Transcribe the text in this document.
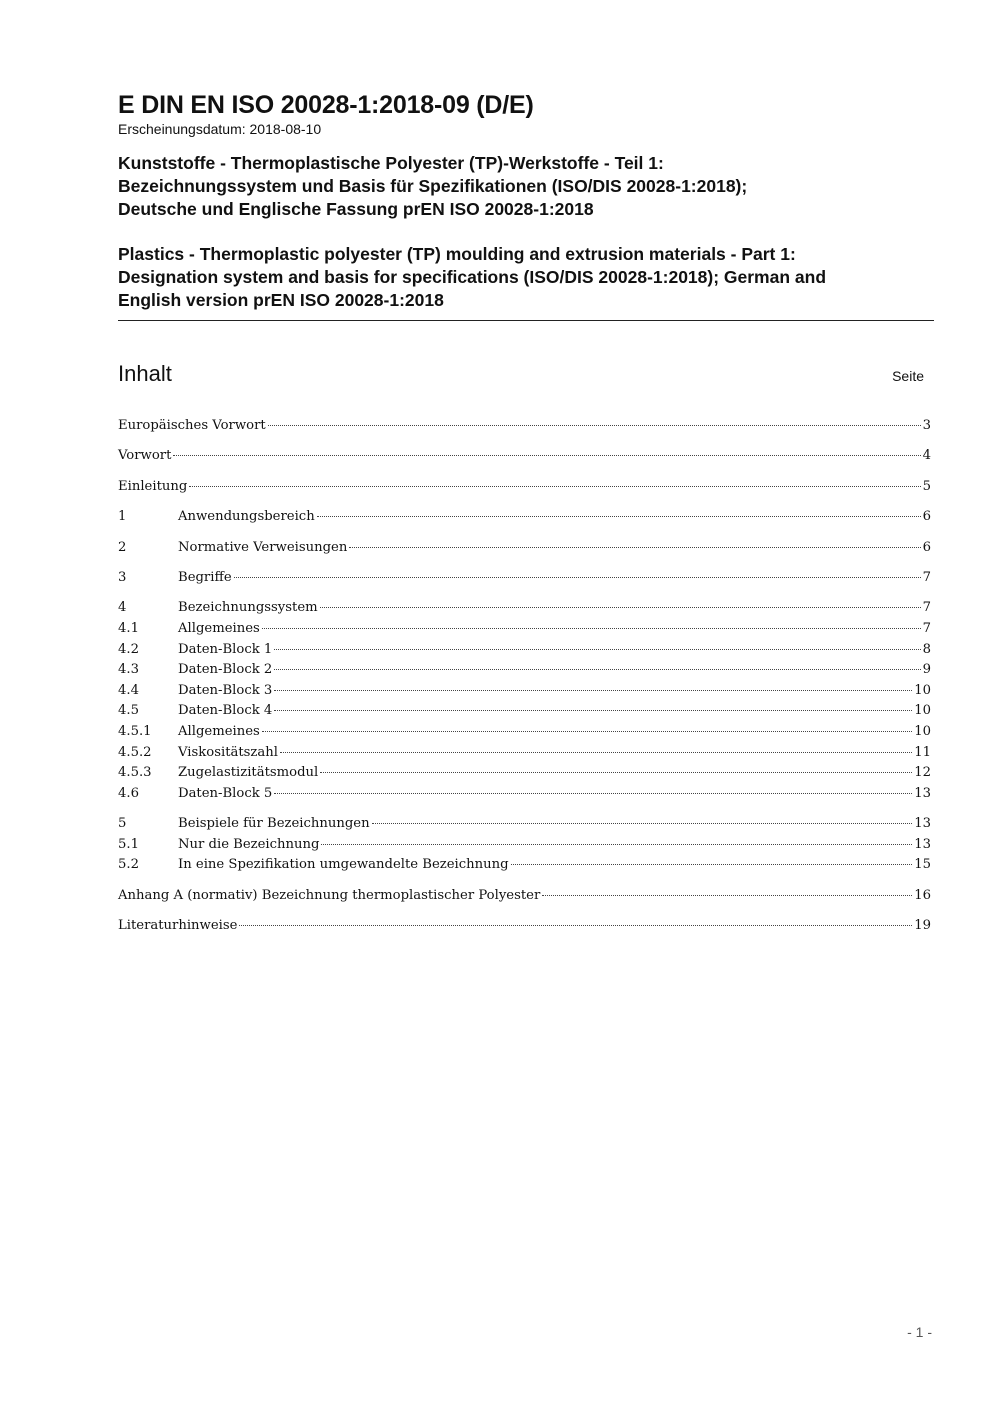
E DIN EN ISO 20028-1:2018-09 (D/E)
Erscheinungsdatum: 2018-08-10
Kunststoffe - Thermoplastische Polyester (TP)-Werkstoffe - Teil 1:
Bezeichnungssystem und Basis für Spezifikationen (ISO/DIS 20028-1:2018);
Deutsche und Englische Fassung prEN ISO 20028-1:2018
Plastics - Thermoplastic polyester (TP) moulding and extrusion materials - Part 1:
Designation system and basis for specifications (ISO/DIS 20028-1:2018); German and
English version prEN ISO 20028-1:2018
Inhalt	Seite
Europäisches Vorwort	3
Vorwort	4
Einleitung	5
1	Anwendungsbereich	6
2	Normative Verweisungen	6
3	Begriffe	7
4	Bezeichnungssystem	7
4.1	Allgemeines	7
4.2	Daten-Block 1	8
4.3	Daten-Block 2	9
4.4	Daten-Block 3	10
4.5	Daten-Block 4	10
4.5.1	Allgemeines	10
4.5.2	Viskositätszahl	11
4.5.3	Zugelastizitätsmodul	12
4.6	Daten-Block 5	13
5	Beispiele für Bezeichnungen	13
5.1	Nur die Bezeichnung	13
5.2	In eine Spezifikation umgewandelte Bezeichnung	15
Anhang A (normativ) Bezeichnung thermoplastischer Polyester	16
Literaturhinweise	19
- 1 -
